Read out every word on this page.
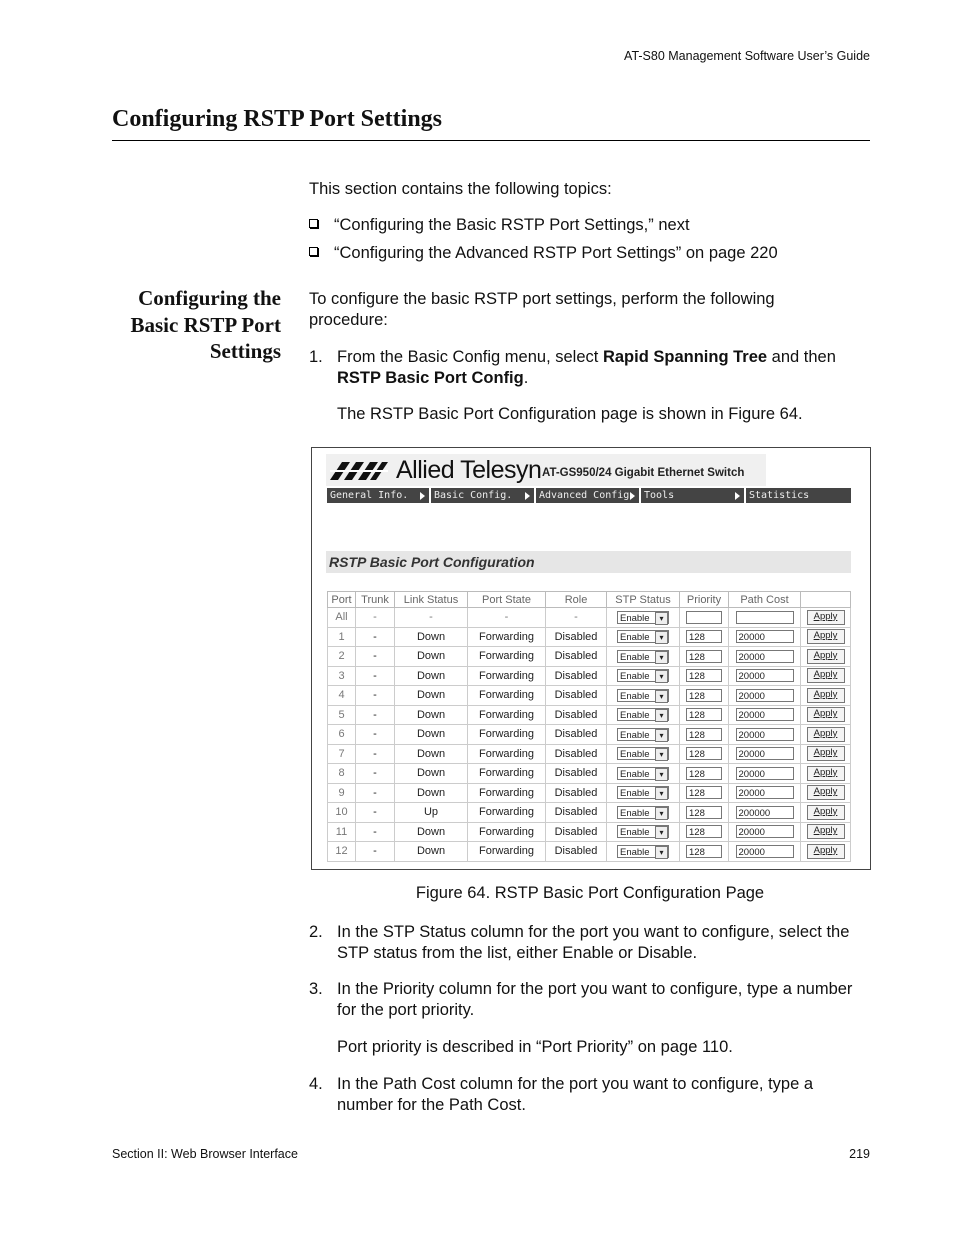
AT-S80 Management Software User’s Guide
Configuring RSTP Port Settings
This section contains the following topics:
“Configuring the Basic RSTP Port Settings,” next
“Configuring the Advanced RSTP Port Settings” on page 220
Configuring the
Basic RSTP Port
Settings
To configure the basic RSTP port settings, perform the following
procedure:
1. From the Basic Config menu, select Rapid Spanning Tree and then
RSTP Basic Port Config.
The RSTP Basic Port Configuration page is shown in Figure 64.
Allied Telesyn AT-GS950/24 Gigabit Ethernet Switch
General Info.	Basic Config.	Advanced Config. Tools	Statistics
RSTP Basic Port Configuration
Port	Trunk	Link Status	Port State	Role	STP Status	Priority	Path Cost	
All	-	-	-	-	Enable ▾			Apply
1	-	Down	Forwarding	Disabled	Enable ▾	128	20000	Apply
2	-	Down	Forwarding	Disabled	Enable ▾	128	20000	Apply
3	-	Down	Forwarding	Disabled	Enable ▾	128	20000	Apply
4	-	Down	Forwarding	Disabled	Enable ▾	128	20000	Apply
5	-	Down	Forwarding	Disabled	Enable ▾	128	20000	Apply
6	-	Down	Forwarding	Disabled	Enable ▾	128	20000	Apply
7	-	Down	Forwarding	Disabled	Enable ▾	128	20000	Apply
8	-	Down	Forwarding	Disabled	Enable ▾	128	20000	Apply
9	-	Down	Forwarding	Disabled	Enable ▾	128	20000	Apply
10	-	Up	Forwarding	Disabled	Enable ▾	128	200000	Apply
11	-	Down	Forwarding	Disabled	Enable ▾	128	20000	Apply
12	-	Down	Forwarding	Disabled	Enable ▾	128	20000	Apply
Figure 64. RSTP Basic Port Configuration Page
2. In the STP Status column for the port you want to configure, select the
STP status from the list, either Enable or Disable.
3. In the Priority column for the port you want to configure, type a number
for the port priority.
Port priority is described in “Port Priority” on page 110.
4. In the Path Cost column for the port you want to configure, type a
number for the Path Cost.
Section II: Web Browser Interface	219
